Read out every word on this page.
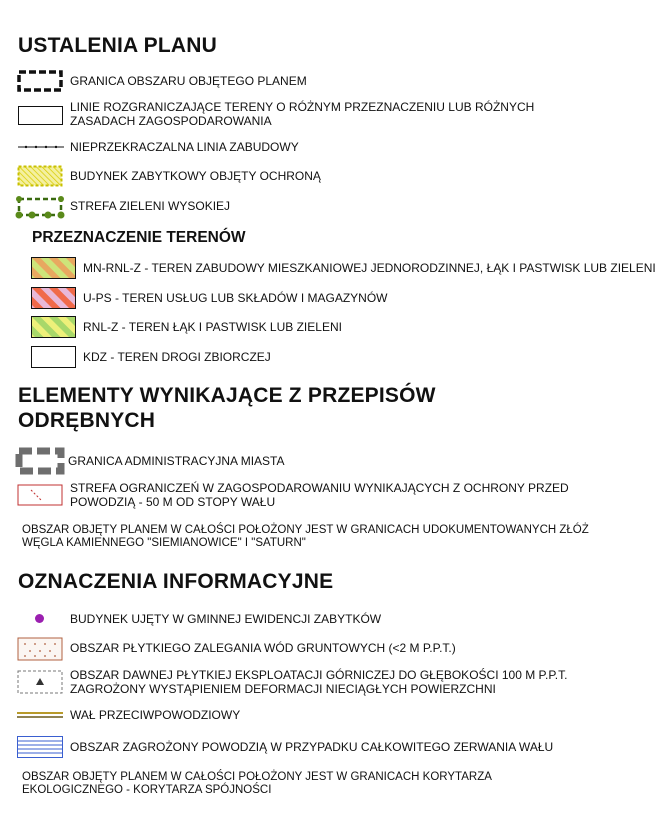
USTALENIA PLANU
GRANICA OBSZARU OBJĘTEGO PLANEM
LINIE ROZGRANICZAJĄCE TERENY O RÓŻNYM PRZEZNACZENIU LUB RÓŻNYCH ZASADACH ZAGOSPODAROWANIA
NIEPRZEKRACZALNA LINIA ZABUDOWY
BUDYNEK ZABYTKOWY OBJĘTY OCHRONĄ
STREFA ZIELENI WYSOKIEJ
PRZEZNACZENIE TERENÓW
MN-RNL-Z - TEREN ZABUDOWY MIESZKANIOWEJ JEDNORODZINNEJ, ŁĄK I PASTWISK LUB ZIELENI
U-PS - TEREN USŁUG LUB SKŁADÓW I MAGAZYNÓW
RNL-Z - TEREN ŁĄK I PASTWISK LUB ZIELENI
KDZ - TEREN DROGI ZBIORCZEJ
ELEMENTY WYNIKAJĄCE Z PRZEPISÓW ODRĘBNYCH
GRANICA ADMINISTRACYJNA MIASTA
STREFA OGRANICZEŃ W ZAGOSPODAROWANIU WYNIKAJĄCYCH Z OCHRONY PRZED POWODZIĄ - 50 M OD STOPY WAŁU
OBSZAR OBJĘTY PLANEM W CAŁOŚCI POŁOŻONY JEST W GRANICACH UDOKUMENTOWANYCH ZŁÓŻ WĘGLA KAMIENNEGO "SIEMIANOWICE" I "SATURN"
OZNACZENIA INFORMACYJNE
BUDYNEK UJĘTY W GMINNEJ EWIDENCJI ZABYTKÓW
OBSZAR PŁYTKIEGO ZALEGANIA WÓD GRUNTOWYCH (<2 M P.P.T.)
OBSZAR DAWNEJ PŁYTKIEJ EKSPLOATACJI GÓRNICZEJ DO GŁĘBOKOŚCI 100 M P.P.T. ZAGROŻONY WYSTĄPIENIEM DEFORMACJI NIECIĄGŁYCH POWIERZCHNI
WAŁ PRZECIWPOWODZIOWY
OBSZAR ZAGROŻONY POWODZIĄ W PRZYPADKU CAŁKOWITEGO ZERWANIA WAŁU
OBSZAR OBJĘTY PLANEM W CAŁOŚCI POŁOŻONY JEST W GRANICACH KORYTARZA EKOLOGICZNEGO - KORYTARZA SPÓJNOŚCI
